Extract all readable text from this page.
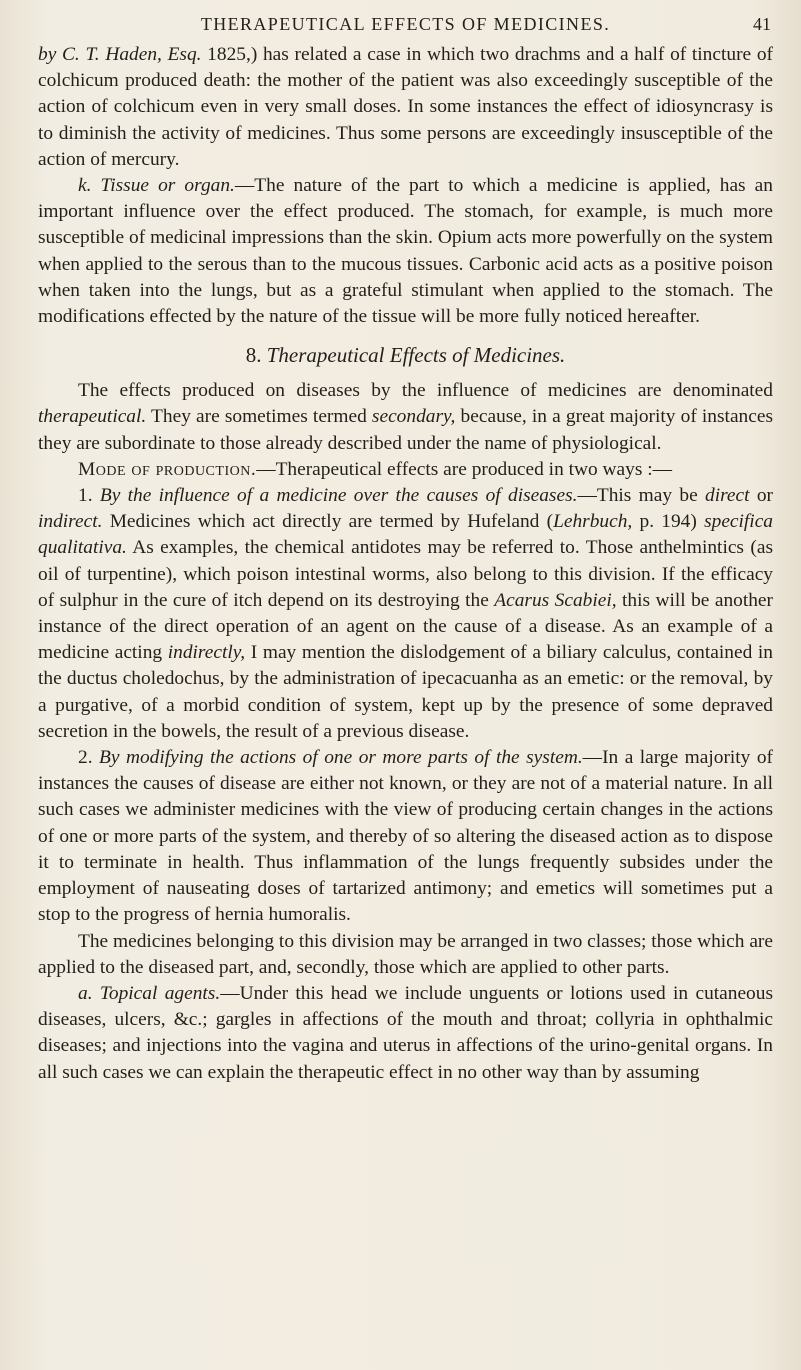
THERAPEUTICAL EFFECTS OF MEDICINES.	41

by C. T. Haden, Esq. 1825,) has related a case in which two drachms and a half of tincture of colchicum produced death: the mother of the patient was also exceedingly susceptible of the action of colchicum even in very small doses. In some instances the effect of idiosyncrasy is to diminish the activity of medicines. Thus some persons are exceedingly insusceptible of the action of mercury.

k. Tissue or organ.—The nature of the part to which a medicine is applied, has an important influence over the effect produced. The stomach, for example, is much more susceptible of medicinal impressions than the skin. Opium acts more powerfully on the system when applied to the serous than to the mucous tissues. Carbonic acid acts as a positive poison when taken into the lungs, but as a grateful stimulant when applied to the stomach. The modifications effected by the nature of the tissue will be more fully noticed hereafter.

8. Therapeutical Effects of Medicines.

The effects produced on diseases by the influence of medicines are denominated therapeutical. They are sometimes termed secondary, because, in a great majority of instances they are subordinate to those already described under the name of physiological.

Mode of production.—Therapeutical effects are produced in two ways :—

1. By the influence of a medicine over the causes of diseases.—This may be direct or indirect. Medicines which act directly are termed by Hufeland (Lehrbuch, p. 194) specifica qualitativa. As examples, the chemical antidotes may be referred to. Those anthelmintics (as oil of turpentine), which poison intestinal worms, also belong to this division. If the efficacy of sulphur in the cure of itch depend on its destroying the Acarus Scabiei, this will be another instance of the direct operation of an agent on the cause of a disease. As an example of a medicine acting indirectly, I may mention the dislodgement of a biliary calculus, contained in the ductus choledochus, by the administration of ipecacuanha as an emetic: or the removal, by a purgative, of a morbid condition of system, kept up by the presence of some depraved secretion in the bowels, the result of a previous disease.

2. By modifying the actions of one or more parts of the system.—In a large majority of instances the causes of disease are either not known, or they are not of a material nature. In all such cases we administer medicines with the view of producing certain changes in the actions of one or more parts of the system, and thereby of so altering the diseased action as to dispose it to terminate in health. Thus inflammation of the lungs frequently subsides under the employment of nauseating doses of tartarized antimony; and emetics will sometimes put a stop to the progress of hernia humoralis.

The medicines belonging to this division may be arranged in two classes; those which are applied to the diseased part, and, secondly, those which are applied to other parts.

a. Topical agents.—Under this head we include unguents or lotions used in cutaneous diseases, ulcers, &c.; gargles in affections of the mouth and throat; collyria in ophthalmic diseases; and injections into the vagina and uterus in affections of the urino-genital organs. In all such cases we can explain the therapeutic effect in no other way than by assuming
